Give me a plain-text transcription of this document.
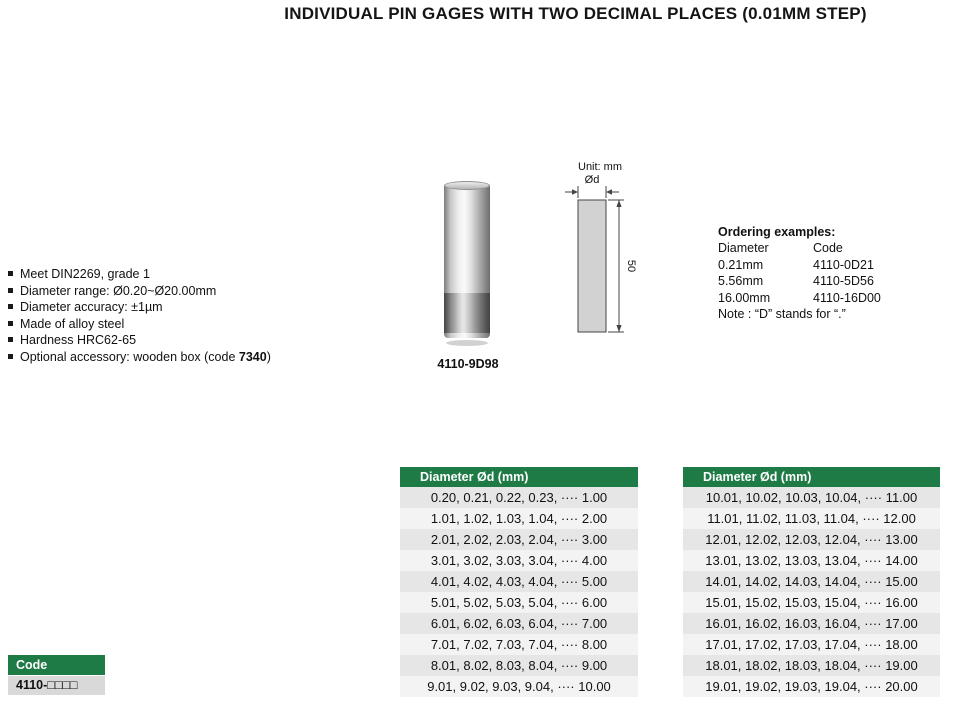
INDIVIDUAL PIN GAGES WITH TWO DECIMAL PLACES (0.01MM STEP)
Meet DIN2269, grade 1
Diameter range: Ø0.20~Ø20.00mm
Diameter accuracy: ±1µm
Made of alloy steel
Hardness HRC62-65
Optional accessory: wooden box (code 7340)
4110-9D98
Unit: mm
Ød
50
Ordering examples:
Diameter	Code
0.21mm	4110-0D21
5.56mm	4110-5D56
16.00mm	4110-16D00
Note : “D” stands for “.”
Diameter Ød (mm)
0.20, 0.21, 0.22, 0.23, ···· 1.00
1.01, 1.02, 1.03, 1.04, ···· 2.00
2.01, 2.02, 2.03, 2.04, ···· 3.00
3.01, 3.02, 3.03, 3.04, ···· 4.00
4.01, 4.02, 4.03, 4.04, ···· 5.00
5.01, 5.02, 5.03, 5.04, ···· 6.00
6.01, 6.02, 6.03, 6.04, ···· 7.00
7.01, 7.02, 7.03, 7.04, ···· 8.00
8.01, 8.02, 8.03, 8.04, ···· 9.00
9.01, 9.02, 9.03, 9.04, ···· 10.00
Diameter Ød (mm)
10.01, 10.02, 10.03, 10.04, ···· 11.00
11.01, 11.02, 11.03, 11.04, ···· 12.00
12.01, 12.02, 12.03, 12.04, ···· 13.00
13.01, 13.02, 13.03, 13.04, ···· 14.00
14.01, 14.02, 14.03, 14.04, ···· 15.00
15.01, 15.02, 15.03, 15.04, ···· 16.00
16.01, 16.02, 16.03, 16.04, ···· 17.00
17.01, 17.02, 17.03, 17.04, ···· 18.00
18.01, 18.02, 18.03, 18.04, ···· 19.00
19.01, 19.02, 19.03, 19.04, ···· 20.00
Code
4110-□□□□
